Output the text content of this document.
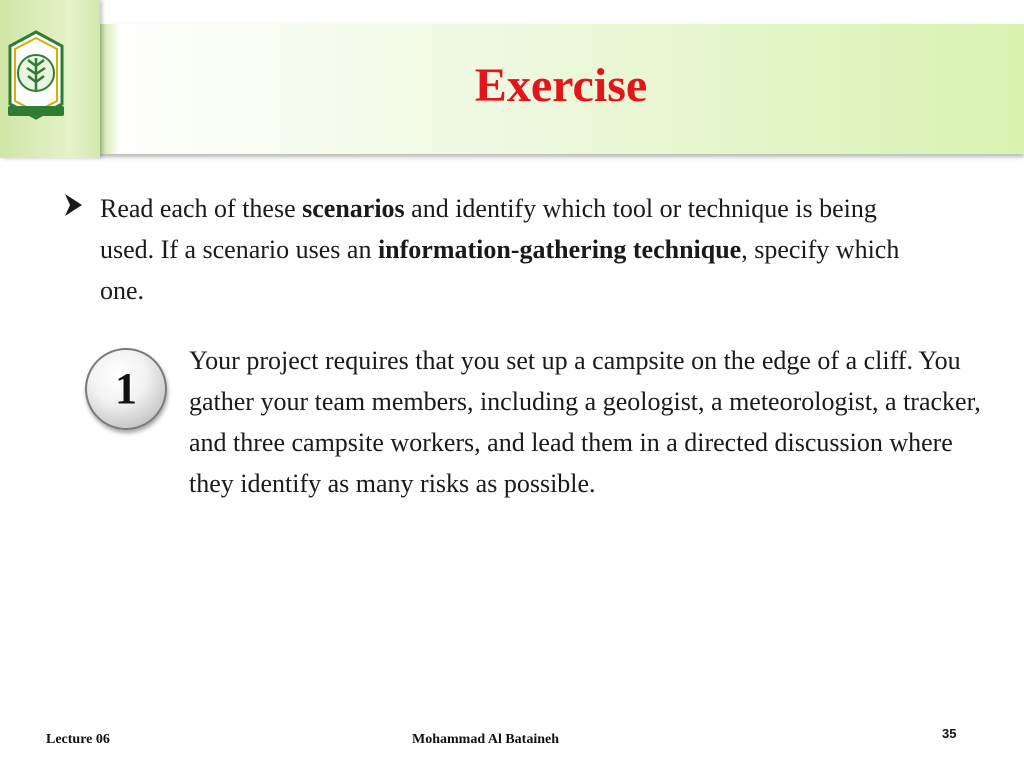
Exercise
Read each of these scenarios and identify which tool or technique is being used. If a scenario uses an information-gathering technique, specify which one.
1
Your project requires that you set up a campsite on the edge of a cliff. You gather your team members, including a geologist, a meteorologist, a tracker, and three campsite workers, and lead them in a directed discussion where they identify as many risks as possible.
Lecture 06	Mohammad Al Bataineh	35
